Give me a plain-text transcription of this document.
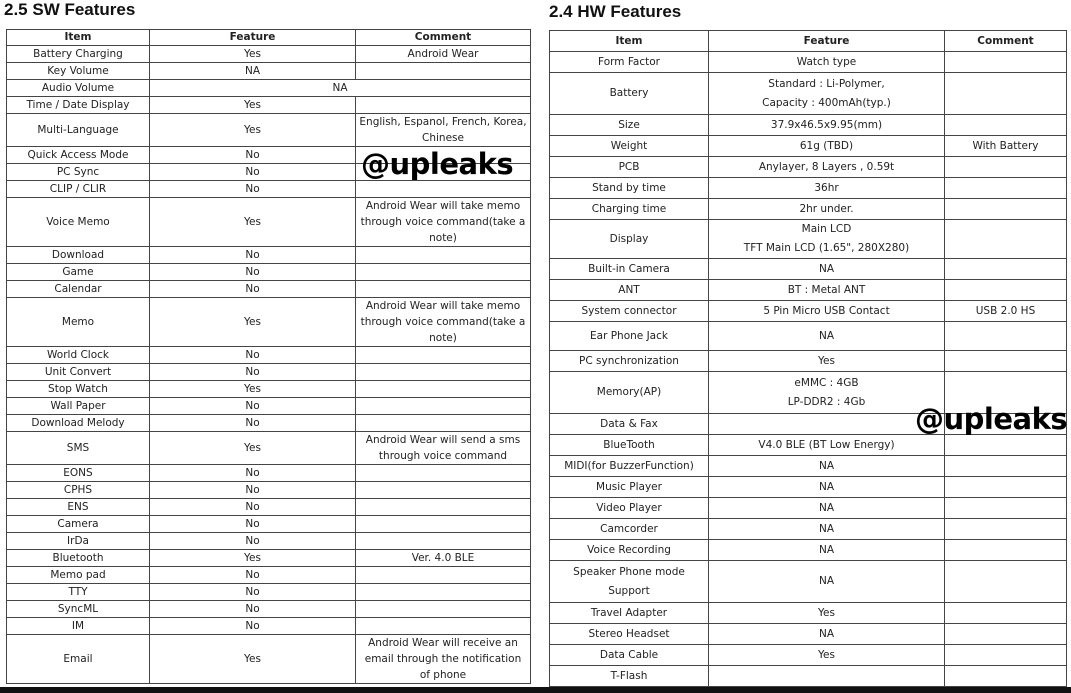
2.5 SW Features	2.4 HW Features
Item	Feature	Comment
Battery Charging	Yes	Android Wear
Key Volume	NA	
Audio Volume	NA	
Time / Date Display	Yes	
Multi-Language	Yes	English, Espanol, French, Korea, Chinese
Quick Access Mode	No	
PC Sync	No	
CLIP / CLIR	No	
Voice Memo	Yes	Android Wear will take memo through voice command(take a note)
Download	No	
Game	No	
Calendar	No	
Memo	Yes	Android Wear will take memo through voice command(take a note)
World Clock	No	
Unit Convert	No	
Stop Watch	Yes	
Wall Paper	No	
Download Melody	No	
SMS	Yes	Android Wear will send a sms through voice command
EONS	No	
CPHS	No	
ENS	No	
Camera	No	
IrDa	No	
Bluetooth	Yes	Ver. 4.0 BLE
Memo pad	No	
TTY	No	
SyncML	No	
IM	No	
Email	Yes	Android Wear will receive an email through the notification of phone
Item	Feature	Comment
Form Factor	Watch type	
Battery	Standard : Li-Polymer,
Capacity : 400mAh(typ.)	
Size	37.9x46.5x9.95(mm)	
Weight	61g (TBD)	With Battery
PCB	Anylayer, 8 Layers , 0.59t	
Stand by time	36hr	
Charging time	2hr under.	
Display	Main LCD
TFT Main LCD (1.65", 280X280)	
Built-in Camera	NA	
ANT	BT : Metal ANT	
System connector	5 Pin Micro USB Contact	USB 2.0 HS
Ear Phone Jack	NA	
PC synchronization	Yes	
Memory(AP)	eMMC : 4GB
LP-DDR2 : 4Gb	
Data & Fax		
BlueTooth	V4.0 BLE (BT Low Energy)	
MIDI(for BuzzerFunction)	NA	
Music Player	NA	
Video Player	NA	
Camcorder	NA	
Voice Recording	NA	
Speaker Phone mode
Support	NA	
Travel Adapter	Yes	
Stereo Headset	NA	
Data Cable	Yes	
T-Flash		
@upleaks
@upleaks
